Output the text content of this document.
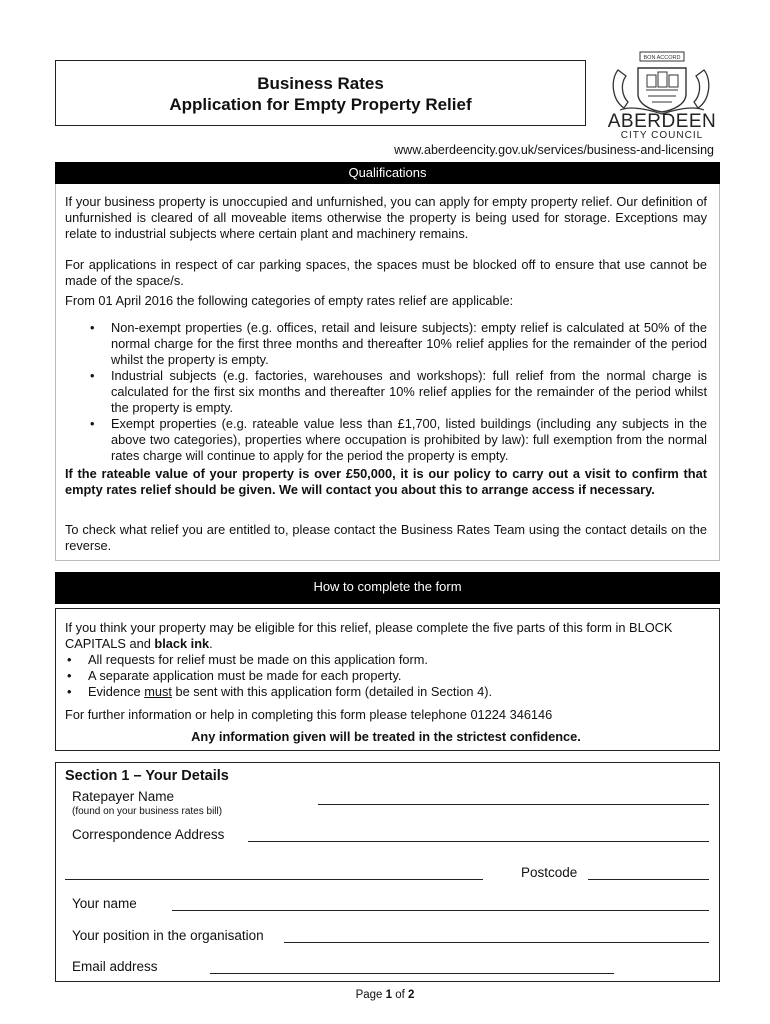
Business Rates
Application for Empty Property Relief
BON ACCORD
ABERDEEN
CITY COUNCIL
www.aberdeencity.gov.uk/services/business-and-licensing
Qualifications
If your business property is unoccupied and unfurnished, you can apply for empty property relief. Our definition of unfurnished is cleared of all moveable items otherwise the property is being used for storage. Exceptions may relate to industrial subjects where certain plant and machinery remains.
For applications in respect of car parking spaces, the spaces must be blocked off to ensure that use cannot be made of the space/s.
From 01 April 2016 the following categories of empty rates relief are applicable:
• Non-exempt properties (e.g. offices, retail and leisure subjects): empty relief is calculated at 50% of the normal charge for the first three months and thereafter 10% relief applies for the remainder of the period whilst the property is empty.
• Industrial subjects (e.g. factories, warehouses and workshops): full relief from the normal charge is calculated for the first six months and thereafter 10% relief applies for the remainder of the period whilst the property is empty.
• Exempt properties (e.g. rateable value less than £1,700, listed buildings (including any subjects in the above two categories), properties where occupation is prohibited by law): full exemption from the normal rates charge will continue to apply for the period the property is empty.
If the rateable value of your property is over £50,000, it is our policy to carry out a visit to confirm that empty rates relief should be given. We will contact you about this to arrange access if necessary.
To check what relief you are entitled to, please contact the Business Rates Team using the contact details on the reverse.
How to complete the form
If you think your property may be eligible for this relief, please complete the five parts of this form in BLOCK CAPITALS and black ink.
• All requests for relief must be made on this application form.
• A separate application must be made for each property.
• Evidence must be sent with this application form (detailed in Section 4).
For further information or help in completing this form please telephone 01224 346146
Any information given will be treated in the strictest confidence.
Section 1 – Your Details
Ratepayer Name
(found on your business rates bill)
Correspondence Address
Postcode
Your name
Your position in the organisation
Email address
Page 1 of 2
